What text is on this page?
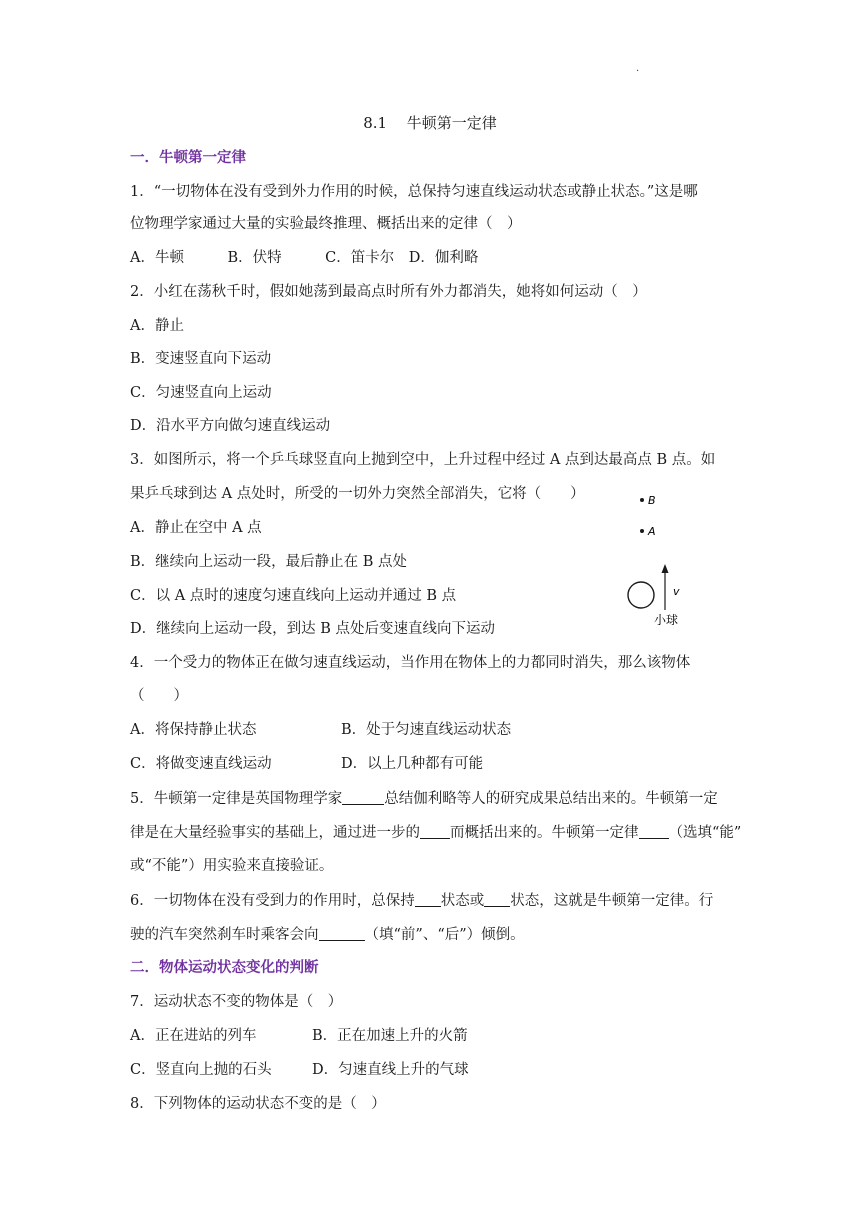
·
8.1　 牛顿第一定律
一．牛顿第一定律
1．“一切物体在没有受到外力作用的时候，总保持匀速直线运动状态或静止状态。”这是哪
位物理学家通过大量的实验最终推理、概括出来的定律（　）
A．牛顿　　　B．伏特　　　C．笛卡尔　D．伽利略
2．小红在荡秋千时，假如她荡到最高点时所有外力都消失，她将如何运动（　）
A．静止
B．变速竖直向下运动
C．匀速竖直向上运动
D．沿水平方向做匀速直线运动
3．如图所示，将一个乒乓球竖直向上抛到空中，上升过程中经过 A 点到达最高点 B 点。如
果乒乓球到达 A 点处时，所受的一切外力突然全部消失，它将（　　）
A．静止在空中 A 点
B．继续向上运动一段，最后静止在 B 点处
C．以 A 点时的速度匀速直线向上运动并通过 B 点
D．继续向上运动一段，到达 B 点处后变速直线向下运动
B
A
v
小球
4．一个受力的物体正在做匀速直线运动，当作用在物体上的力都同时消失，那么该物体
（　　）
A．将保持静止状态	B．处于匀速直线运动状态
C．将做变速直线运动	D．以上几种都有可能
5．牛顿第一定律是英国物理学家	总结伽利略等人的研究成果总结出来的。牛顿第一定
律是在大量经验事实的基础上，通过进一步的 而概括出来的。牛顿第一定律 （选填“能”
或“不能”）用实验来直接验证。
6．一切物体在没有受到力的作用时，总保持 状态或 状态，这就是牛顿第一定律。行
驶的汽车突然刹车时乘客会向	（填“前”、“后”）倾倒。
二．物体运动状态变化的判断
7．运动状态不变的物体是（　）
A．正在进站的列车	B．正在加速上升的火箭
C．竖直向上抛的石头	D．匀速直线上升的气球
8．下列物体的运动状态不变的是（　）
